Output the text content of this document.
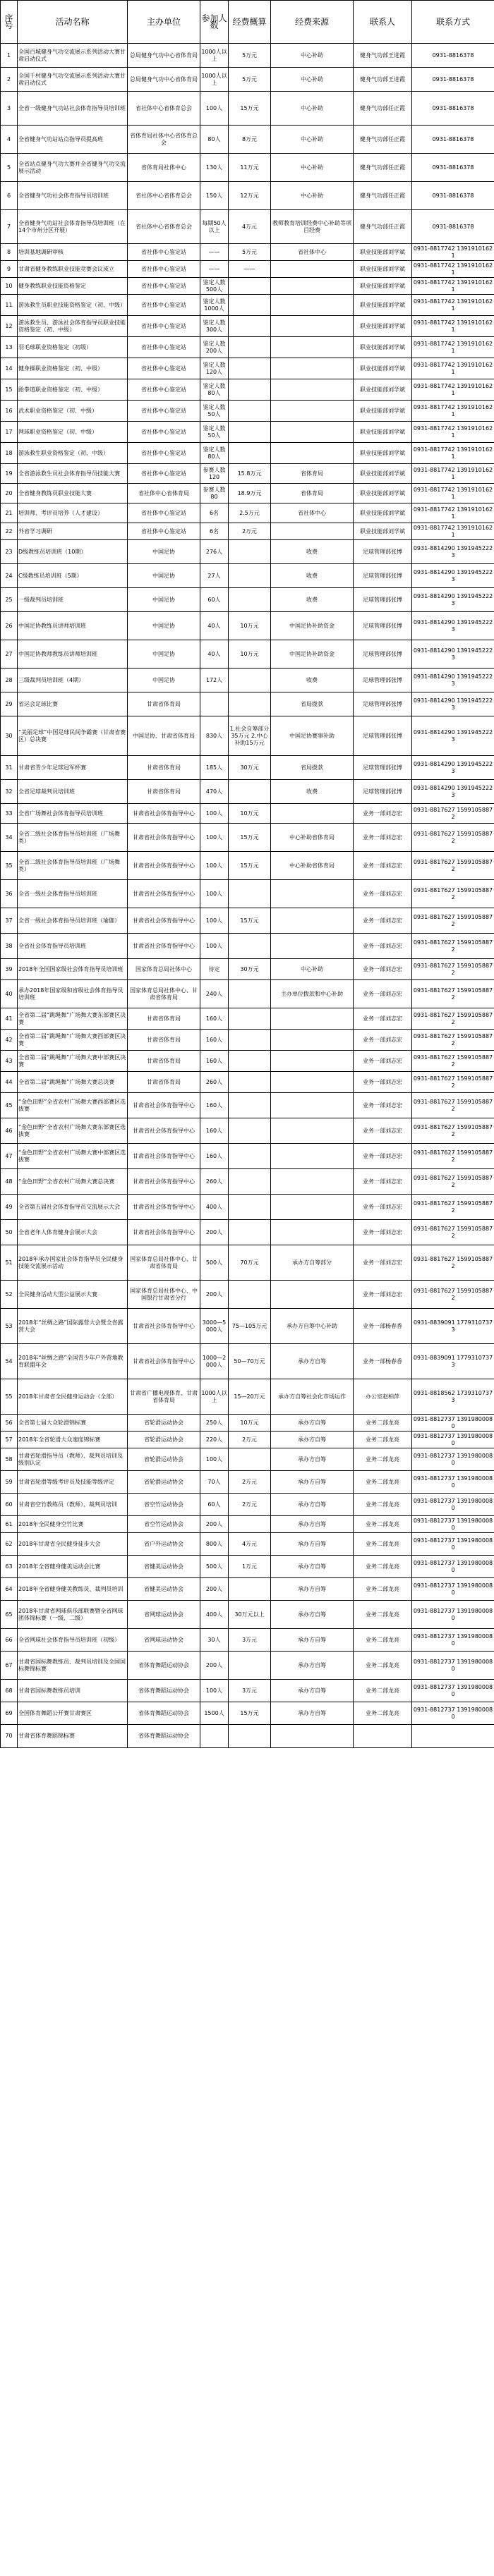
序号	活动名称	主办单位	参加人数	经费概算	经费来源	联系人	联系方式
1	全国百城健身气功交流展示系列活动大赛甘肃启动仪式	总局健身气功中心省体育局	1000人以上	5万元	中心补助	健身气功部王进霞	0931-8816378
2	全国千村健身气功交流展示系列活动大赛甘肃启动仪式	总局健身气功中心省体育局	1000人以上	5万元	中心补助	健身气功部王进霞	0931-8816378
3	全省一级健身气功站社会体育指导员培训班	省社体中心省体育总会	100人	15万元	中心补助	健身气功部任正霞	0931-8816378
4	全省健身气功站站点指导员提高班	省体育局社体中心省体育总会	80人	8万元	中心补助	健身气功部任正霞	0931-8816378
5	全省站点健身气功大赛并全省健身气功交流展示活动	省体育局社体中心	130人	11万元	中心补助	健身气功部任正霞	0931-8816378
6	全省健身气功社会体育指导员培训班	省社体中心省体育总会	150人	12万元	中心补助	健身气功部任正霞	0931-8816378
7	全省健身气功站社会体育指导员培训班（在14个市州分区开展）	省社体中心省体育总会	每期50人以上	4万元	教师教育培训经费中心补助等项目经费	健身气功部任正霞	0931-8816378
8	培训基地调研审核	省社体中心鉴定站	——	5万元	省社体中心	职业技能部刘学斌	0931-8817742 13919101621
9	甘肃省健身教练职业技能竞赛会议成立	省社体中心鉴定站	——	——		职业技能部刘学斌	0931-8817742 13919101621
10	健身教练职业技能资格鉴定	省社体中心鉴定站	鉴定人数500人			职业技能部刘学斌	0931-8817742 13919101621
11	游泳救生员职业技能资格鉴定（初、中级）	省社体中心鉴定站	鉴定人数1000人			职业技能部刘学斌	0931-8817742 13919101621
12	游泳救生员、游泳社会体育指导员职业技能资格鉴定（初、中级）	省社体中心鉴定站	鉴定人数300人			职业技能部刘学斌	0931-8817742 13919101621
13	羽毛球职业资格鉴定（初级）	省社体中心鉴定站	鉴定人数200人			职业技能部刘学斌	0931-8817742 13919101621
14	健身操职业资格鉴定（初、中级）	省社体中心鉴定站	鉴定人数120人			职业技能部刘学斌	0931-8817742 13919101621
15	跆拳道职业资格鉴定（初、中级）	省社体中心鉴定站	鉴定人数80人			职业技能部刘学斌	0931-8817742 13919101621
16	武术职业资格鉴定（初、中级）	省社体中心鉴定站	鉴定人数50人			职业技能部刘学斌	0931-8817742 13919101621
17	网球职业资格鉴定（初、中级）	省社体中心鉴定站	鉴定人数50人			职业技能部刘学斌	0931-8817742 13919101621
18	游泳救生职业资格鉴定（初、中级）	省社体中心鉴定站	鉴定人数80人			职业技能部刘学斌	0931-8817742 13919101621
19	全省游泳救生员社会体育指导员技能大赛	省社体中心鉴定站	参赛人数120	15.8万元	省体育局	职业技能部刘学斌	0931-8817742 13919101621
20	全省健身教练员职业技能大赛	省社体中心省体育局	参赛人数80	18.9万元	省体育局	职业技能部刘学斌	0931-8817742 13919101621
21	培训师、考评员培养（人才建设）	省社体中心鉴定站	6名	2.5万元	省社体中心	职业技能部刘学斌	0931-8817742 13919101621
22	外省学习调研	省社体中心鉴定站	6名	2万元		职业技能部刘学斌	0931-8817742 13919101621
23	D级教练员培训班（10期）	中国足协	276人		收费	足球管理部张博	0931-8814290 13919452223
24	C级教练员培训班（5期）	中国足协	27人		收费	足球管理部张博	0931-8814290 13919452223
25	一级裁判员培训班	中国足协	60人		收费	足球管理部张博	0931-8814290 13919452223
26	中国足协教练员讲师培训班	中国足协	40人	10万元	中国足协补助资金	足球管理部张博	0931-8814290 13919452223
27	中国足协教师教练员讲师培训班	中国足协	40人	10万元	中国足协补助资金	足球管理部张博	0931-8814290 13919452223
28	三级裁判员培训班（4期）	中国足协	172人		收费	足球管理部张博	0931-8814290 13919452223
29	省运会足球比赛	甘肃省体育局			省局拨款	足球管理部张博	0931-8814290 13919452223
30	“美丽足球”中国足球民间争霸赛（甘肃省赛区）总决赛	中国足协、甘肃省体育局	830人	1.社会自筹部分35万元 2.中心补助15万元	中国足协赛事补助	足球管理部张博	0931-8814290 13919452223
31	甘肃省青少年足球冠军杯赛	甘肃省体育局	185人	30万元	省局拨款	足球管理部张博	0931-8814290 13919452223
32	全省足球裁判员培训班	甘肃省体育局	470人		收费	足球管理部张博	0931-8814290 13919452223
33	全省广场舞社会体育指导员培训班	甘肃省社会体育指导中心	100人	10万元		业务一部刘志宏	0931-8817627 15991058872
34	全省二级社会体育指导员培训班（广场舞类）	甘肃省社会体育指导中心	100人	15万元	中心补助省体育局	业务一部刘志宏	0931-8817627 15991058872
35	全省二级社会体育指导员培训班（广场舞类）	甘肃省社会体育指导中心	100人	15万元	中心补助省体育局	业务一部刘志宏	0931-8817627 15991058872
36	全省一级社会体育指导员培训班	甘肃省社会体育指导中心	100人			业务一部刘志宏	0931-8817627 15991058872
37	全省一级社会体育指导员培训班（瑜伽）	甘肃省社会体育指导中心	100人	15万元		业务一部刘志宏	0931-8817627 15991058872
38	全省社会体育指导员培训班	甘肃省社会体育指导中心	100人			业务一部刘志宏	0931-8817627 15991058872
39	2018年全国国家级社会体育指导员培训班	国家体育总局社体中心	待定	30万元	中心补助	业务一部刘志宏	0931-8817627 15991058872
40	承办2018年国家级和省级社会体育指导员培训班	国家体育总局社体中心、甘肃省体育局	240人		主办单位拨款和中心补助	业务一部刘志宏	0931-8817627 15991058872
41	全省第二届“跳绳舞”广场舞大赛东部赛区决赛	甘肃省体育局	160人			业务一部刘志宏	0931-8817627 15991058872
42	全省第二届“跳绳舞”广场舞大赛西部赛区决赛	甘肃省体育局	160人			业务一部刘志宏	0931-8817627 15991058872
43	全省第二届“跳绳舞”广场舞大赛中部赛区决赛	甘肃省体育局	160人			业务一部刘志宏	0931-8817627 15991058872
44	全省第二届“跳绳舞”广场舞大赛总决赛	甘肃省体育局	260人			业务一部刘志宏	0931-8817627 15991058872
45	“金色田野”全省农村广场舞大赛西部赛区选拔赛	甘肃省社会体育指导中心	160人			业务一部刘志宏	0931-8817627 15991058872
46	“金色田野”全省农村广场舞大赛东部赛区选拔赛	甘肃省社会体育指导中心	160人			业务一部刘志宏	0931-8817627 15991058872
47	“金色田野”全省农村广场舞大赛中部赛区选拔赛	甘肃省社会体育指导中心	160人			业务一部刘志宏	0931-8817627 15991058872
48	“金色田野”全省农村广场舞大赛总决赛	甘肃省社会体育指导中心	260人			业务一部刘志宏	0931-8817627 15991058872
49	全省第五届社会体育指导员交流展示大会	甘肃省社会体育指导中心	400人			业务一部刘志宏	0931-8817627 15991058872
50	全省老年人体育健身会展示大会	甘肃省社会体育指导中心	200人			业务一部刘志宏	0931-8817627 15991058872
51	2018年承办国家社会体育指导员全民健身技能交流展示活动	国家体育总局社体中心、甘肃省体育局	500人	70万元	承办方自筹部分	业务一部刘志宏	0931-8817627 15991058872
52	全民健身活动大型公益展示大赛	国家体育总局社体中心、中国银行甘肃省分行	200人			业务一部刘志宏	0931-8817627 15991058872
53	2018年“丝绸之路”国际露营大会暨全省露营大会	甘肃省社会体育指导中心	3000—5000人	75—105万元	承办方自筹中心补助	业务一部杨春香	0931-8839091 17793107373
54	2018年“丝绸之路”全国青少年户外营地教育联盟年会	甘肃省社会体育指导中心	1000—2000人	50—70万元	承办方自筹	业务一部杨春香	0931-8839091 17793107373
55	2018年甘肃省全民健身运动会（全部）	甘肃省广播电视体育、甘肃省体育局	1000人以上	15—20万元	承办方自筹社会化市场运作	办公室赵柏萍	0931-8818562 17393107373
56	全省第七届大众轮滑锦标赛	省轮滑运动协会	250人	10万元	承办方自筹	业务二部龙亮	0931-8812737 13919800080
57	2018年全省轮滑大众速度锦标赛	省轮滑运动协会	220人	2万元	承办方自筹	业务二部龙亮	0931-8812737 13919800080
58	甘肃省轮滑指导员（教师）、裁判员培训及级别认定	省轮滑运动协会	100人		承办方自筹	业务二部龙亮	0931-8812737 13919800080
59	甘肃省轮滑等级考评员及技能等级评定	省轮滑运动协会	70人	2万元	承办方自筹	业务二部龙亮	0931-8812737 13919800080
60	甘肃省空竹教练员（教师）、裁判员培训	省空竹运动协会	60人	2万元	承办方自筹	业务二部龙亮	0931-8812737 13919800080
61	2018年全民健身空竹比赛	省空竹运动协会	200人		承办方自筹	业务二部龙亮	0931-8812737 13919800080
62	2018年甘肃省全民健身徒步大会	省户外运动协会	800人	4万元	承办方自筹	业务二部龙亮	0931-8812737 13919800080
63	2018年全省健身健美运动会比赛	省健美运动协会	500人	1万元	承办方自筹	业务二部龙亮	0931-8812737 13919800080
64	2018年全省健身健美教练员、裁判员培训	省健美运动协会	200人		承办方自筹	业务二部龙亮	0931-8812737 13919800080
65	2018年甘肃省网球俱乐部联赛暨全省网球团体锦标赛（一级、二级）	省网球运动协会	400人	30万元以上	承办方自筹	业务二部龙亮	0931-8812737 13919800080
66	全省网球社会体育指导员培训班（初级）	省网球运动协会	30人	3万元	承办方自筹	业务二部龙亮	0931-8812737 13919800080
67	甘肃省国标舞教练员、裁判员培训及全国国标舞锦标赛	省体育舞蹈运动协会	200人		承办方自筹	业务二部龙亮	0931-8812737 13919800080
68	甘肃省国标舞教练员培训	省体育舞蹈运动协会	100人	3万元	承办方自筹	业务二部龙亮	0931-8812737 13919800080
69	全国体育舞蹈公开赛甘肃赛区	省体育舞蹈运动协会	1500人	15万元	承办方自筹	业务二部龙亮	0931-8812737 13919800080
70	甘肃省体育舞蹈锦标赛	省体育舞蹈运动协会					
